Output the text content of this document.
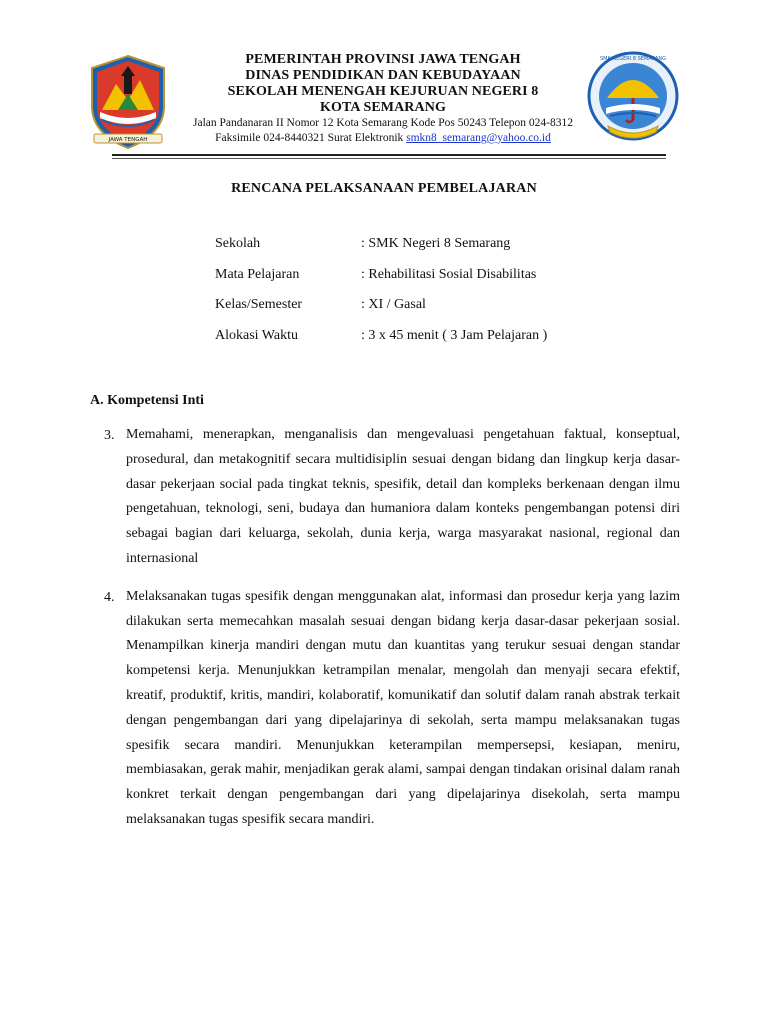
JAWA TENGAH
PEMERINTAH PROVINSI JAWA TENGAH
DINAS PENDIDIKAN DAN KEBUDAYAAN
SEKOLAH MENENGAH KEJURUAN NEGERI 8
KOTA SEMARANG
Jalan Pandanaran II Nomor 12 Kota Semarang Kode Pos 50243 Telepon 024-8312
Faksimile 024-8440321 Surat Elektronik smkn8_semarang@yahoo.co.id
SMK NEGERI 8 SEMARANG
RENCANA PELAKSANAAN PEMBELAJARAN
Sekolah	: SMK Negeri 8 Semarang
Mata Pelajaran	: Rehabilitasi Sosial Disabilitas
Kelas/Semester	: XI / Gasal
Alokasi Waktu	: 3 x 45 menit ( 3 Jam Pelajaran )
A. Kompetensi Inti
3. Memahami, menerapkan, menganalisis dan mengevaluasi pengetahuan faktual, konseptual, prosedural, dan metakognitif secara multidisiplin sesuai dengan bidang dan lingkup kerja dasar-dasar pekerjaan social pada tingkat teknis, spesifik, detail dan kompleks berkenaan dengan ilmu pengetahuan, teknologi, seni, budaya dan humaniora dalam konteks pengembangan potensi diri sebagai bagian dari keluarga, sekolah, dunia kerja, warga masyarakat nasional, regional dan internasional
4. Melaksanakan tugas spesifik dengan menggunakan alat, informasi dan prosedur kerja yang lazim dilakukan serta memecahkan masalah sesuai dengan bidang kerja dasar-dasar pekerjaan sosial. Menampilkan kinerja mandiri dengan mutu dan kuantitas yang terukur sesuai dengan standar kompetensi kerja. Menunjukkan ketrampilan menalar, mengolah dan menyaji secara efektif, kreatif, produktif, kritis, mandiri, kolaboratif, komunikatif dan solutif dalam ranah abstrak terkait dengan pengembangan dari yang dipelajarinya di sekolah, serta mampu melaksanakan tugas spesifik secara mandiri. Menunjukkan keterampilan mempersepsi, kesiapan, meniru, membiasakan, gerak mahir, menjadikan gerak alami, sampai dengan tindakan orisinal dalam ranah konkret terkait dengan pengembangan dari yang dipelajarinya disekolah, serta mampu melaksanakan tugas spesifik secara mandiri.
